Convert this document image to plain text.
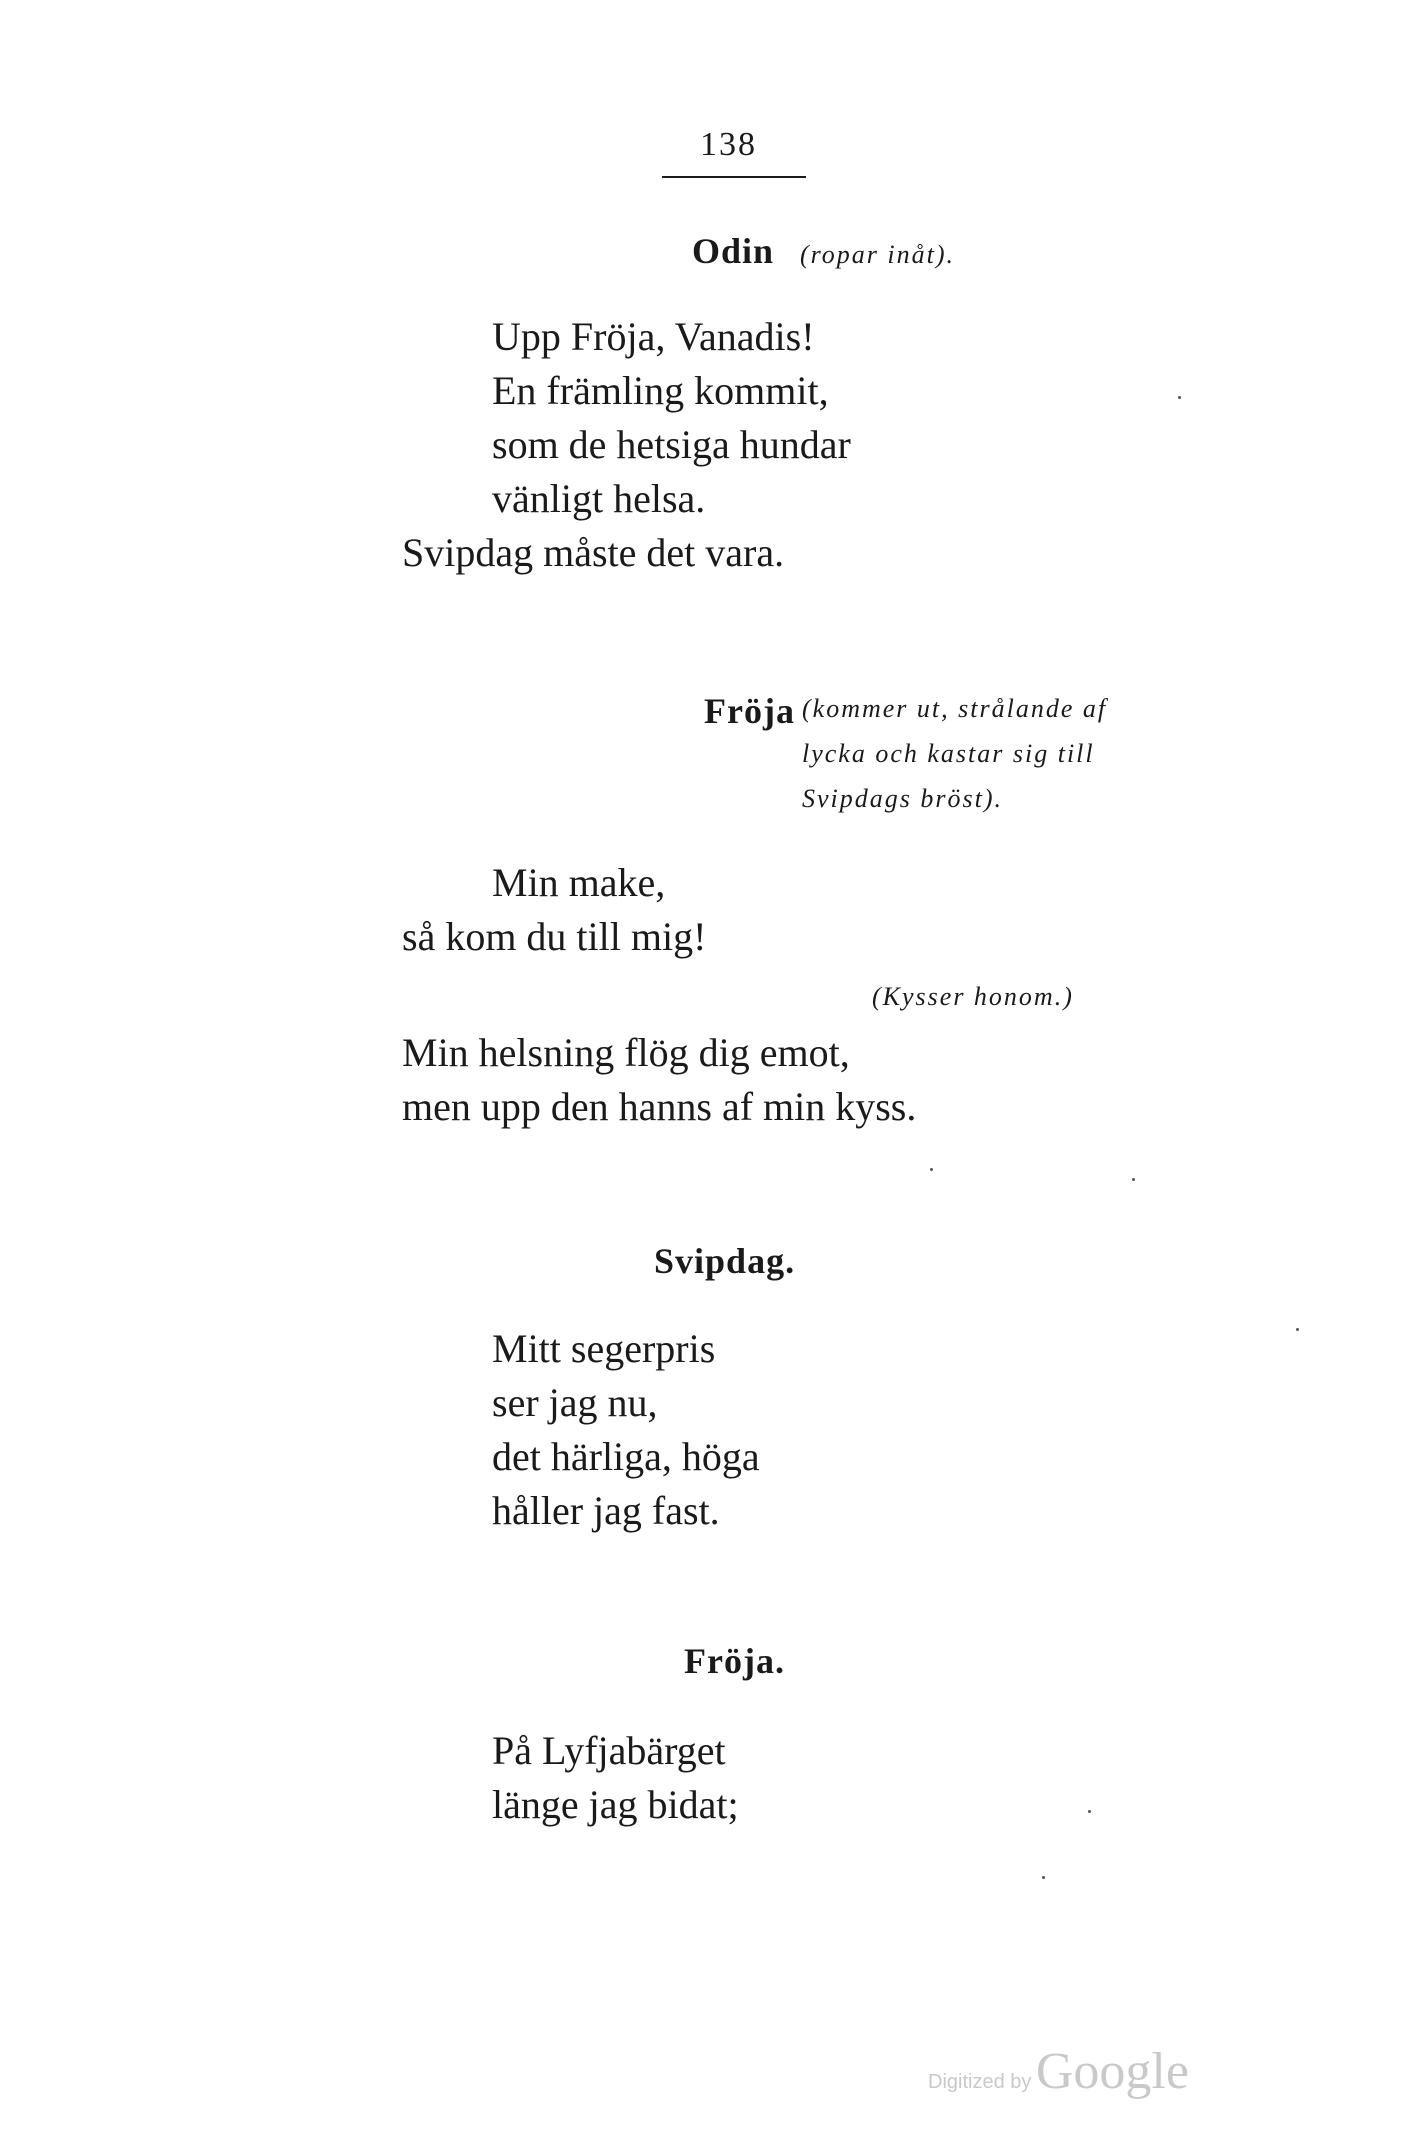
138
Odin (ropar inåt).
Upp Fröja, Vanadis!
En främling kommit,
som de hetsiga hundar
vänligt helsa.
Svipdag måste det vara.
Fröja (kommer ut, strålande af
lycka och kastar sig till
Svipdags bröst).
Min make,
så kom du till mig!
(Kysser honom.)
Min helsning flög dig emot,
men upp den hanns af min kyss.
Svipdag.
Mitt segerpris
ser jag nu,
det härliga, höga
håller jag fast.
Fröja.
På Lyfjabärget
länge jag bidat;
Digitized by Google
